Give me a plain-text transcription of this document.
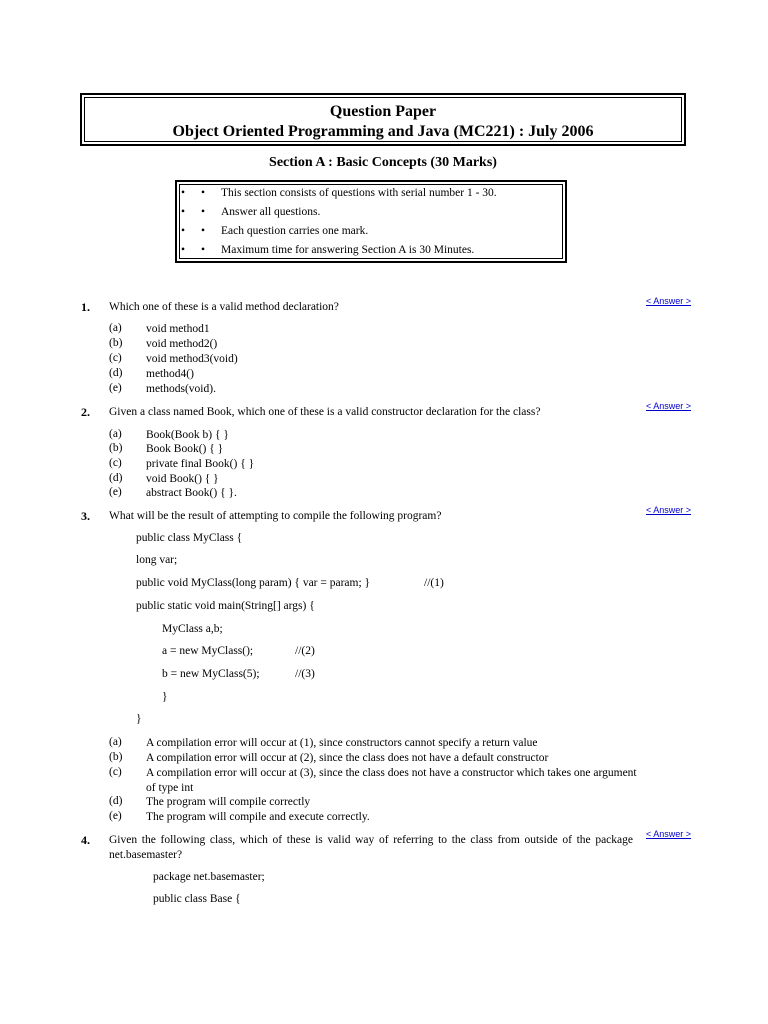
Question Paper
Object Oriented Programming and Java (MC221) : July 2006
Section A : Basic Concepts (30 Marks)
• • This section consists of questions with serial number 1 - 30.
• • Answer all questions.
• • Each question carries one mark.
• • Maximum time for answering Section A is 30 Minutes.
1. Which one of these is a valid method declaration?	< Answer >
(a) void method1
(b) void method2()
(c) void method3(void)
(d) method4()
(e) methods(void).
2. Given a class named Book, which one of these is a valid constructor declaration for the class?	< Answer >
(a) Book(Book b) { }
(b) Book Book() { }
(c) private final Book() { }
(d) void Book() { }
(e) abstract Book() { }.
3. What will be the result of attempting to compile the following program?	< Answer >
public class MyClass {
long var;
public void MyClass(long param) { var = param; }	//(1)
public static void main(String[] args) {
MyClass a,b;
a = new MyClass();	//(2)
b = new MyClass(5);	//(3)
}
}
(a) A compilation error will occur at (1), since constructors cannot specify a return value
(b) A compilation error will occur at (2), since the class does not have a default constructor
(c) A compilation error will occur at (3), since the class does not have a constructor which takes one argument of type int
(d) The program will compile correctly
(e) The program will compile and execute correctly.
4. Given the following class, which of these is valid way of referring to the class from outside of the package net.basemaster?
< Answer >
package net.basemaster;
public class Base {
